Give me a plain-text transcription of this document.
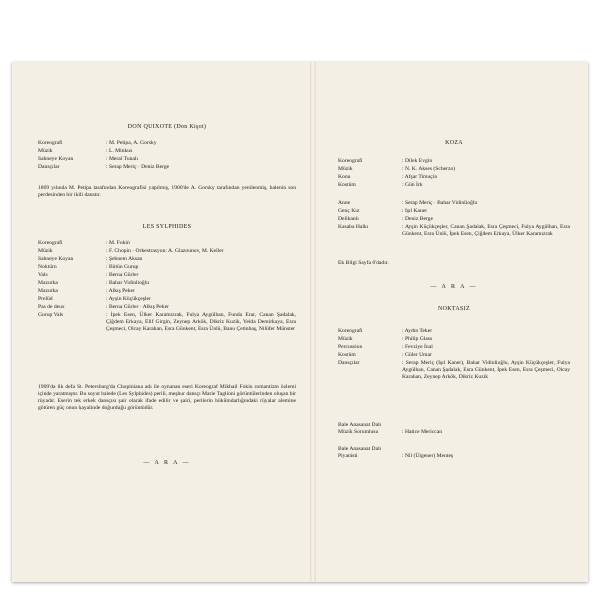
DON QUIXOTE (Don Kişot)
Koreografi	: M. Petipa, A. Gorsky
Müzik	: L. Minkus
Sahneye Koyan	: Meral Tunalı
Dansçılar	: Serap Meriç · Deniz Berge
1869 yılında M. Petipa tarafından Koreografisi yapılmış, 1900'de A. Gorsky tarafından yenilenmiş, balenin son perdesinden bir ikili danstır.
LES SYLPHIDES
Koreografi	: M. Fokin
Müzik	: F. Chopin · Orkestrasyon: A. Glazounov, M. Keller
Sahneye Koyan	: Şebnem Aksan
Noktürn	: Bütün Gurup
Vals	: Berna Gürler
Mazurka	: Bahar Vidinlioğlu
Mazurka	: Alkış Peker
Prelüd	: Ayşin Küçükçeşler
Pas de deux	: Berna Gürler · Alkış Peker
Gurup Vals	: İpek Esen, Ülker Karamızrak, Fulya Aygülhan, Funda Erar, Canan Şadalak, Çiğdem Erkaya, Elif Girgin, Zeynep Arkök, Dikriz Kuzik, Yelda Demirkaya, Esra Çeşmeci, Olcay Karahan, Esra Günkent, Esra Ünlü, Banu Çetinbaş, Nilüfer Münster
1909'da ilk defa St. Petersburg'da Chopiniana adı ile oynanan eseri Koreograf Mikhail Fokin romantizm özlemi içinde yaratmıştır. Bu soyut balede (Les Sylphides) perili, meşhur dansçı Marie Taglioni görüntülerinden oluşan bir rüyadır. Eserin tek erkek dansçısı şair olarak ifade edilir ve şairi, perilerin bükümdarlığındaki rüyalar alemine götüren güç onun hayalinde doğurduğu görüntüdür.
— A R A —
KOZA
Koreografi	: Dilek Evgin
Müzik	: N. K. Akses (Scherzo)
Konu	: Afşar Timuçin
Kostüm	: Gün İrk
Anne	: Serap Meriç · Bahar Vidinlioğlu
Genç Kız	: Işıl Kaner
Delikanlı	: Deniz Berge
Kasaba Halkı	: Ayşin Küçükçeşler, Canan Şadalak, Esra Çeşmeci, Fulya Aygülhan, Esra Günkent, Esra Ünlü, İpek Esen, Çiğdem Erkaya, Ülker Karamızrak
Ek Bilgi Sayfa 6'dadır.
— A R A —
NOKTASIZ
Koreografi	: Aydın Teker
Müzik	: Philip Glass
Percussion	: Fevziye İnal
Kostüm	: Güler Umar
Dansçılar	: Serap Meriç (Işıl Kaner), Bahar Vidinlioğlu, Ayşin Küçükçeşler, Fulya Aygülhan, Canan Şadalak, Esra Günkent, İpek Esen, Esra Çeşmeci, Olcay Karahan, Zeynep Arkök, Dikriz Kuzik
Bale Anasanat Dalı
Müzik Sorumlusu	: Hatice Mericcan
Bale Anasanat Dalı
Piyanisti	: Nil (Ülgener) Menteş
